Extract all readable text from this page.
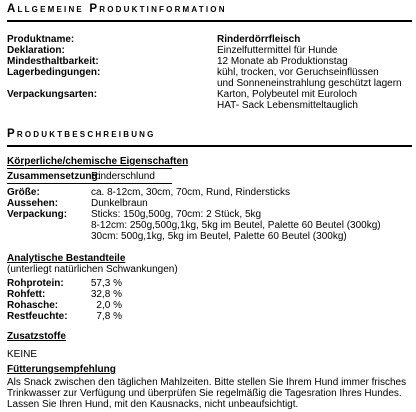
Allgemeine Produktinformation
Produktname:	Rinderdörrfleisch
Deklaration:	Einzelfuttermittel für Hunde
Mindesthaltbarkeit:	12 Monate ab Produktionstag
Lagerbedingungen:	kühl, trocken, vor Geruchseinflüssen
und Sonneneinstrahlung geschützt lagern
Verpackungsarten:	Karton, Polybeutel mit Euroloch
HAT- Sack Lebensmitteltauglich
Produktbeschreibung
Körperliche/chemische Eigenschaften
Zusammensetzung:
Rinderschlund
Größe:	ca. 8-12cm, 30cm, 70cm, Rund, Rindersticks
Aussehen:	Dunkelbraun
Verpackung: Sticks: 150g,500g, 70cm: 2 Stück, 5kg
8-12cm: 250g,500g,1kg, 5kg im Beutel, Palette 60 Beutel (300kg)
30cm: 500g,1kg, 5kg im Beutel, Palette 60 Beutel (300kg)
Analytische Bestandteile
(unterliegt natürlichen Schwankungen)
Rohprotein:	57,3 %
Rohfett:	32,8 %
Rohasche:	2,0 %
Restfeuchte:	7,8 %
Zusatzstoffe
KEINE
Fütterungsempfehlung
Als Snack zwischen den täglichen Mahlzeiten. Bitte stellen Sie Ihrem Hund immer frisches
Trinkwasser zur Verfügung und überprüfen Sie regelmäßig die Tagesration Ihres Hundes.
Lassen Sie Ihren Hund, mit den Kausnacks, nicht unbeaufsichtigt.
